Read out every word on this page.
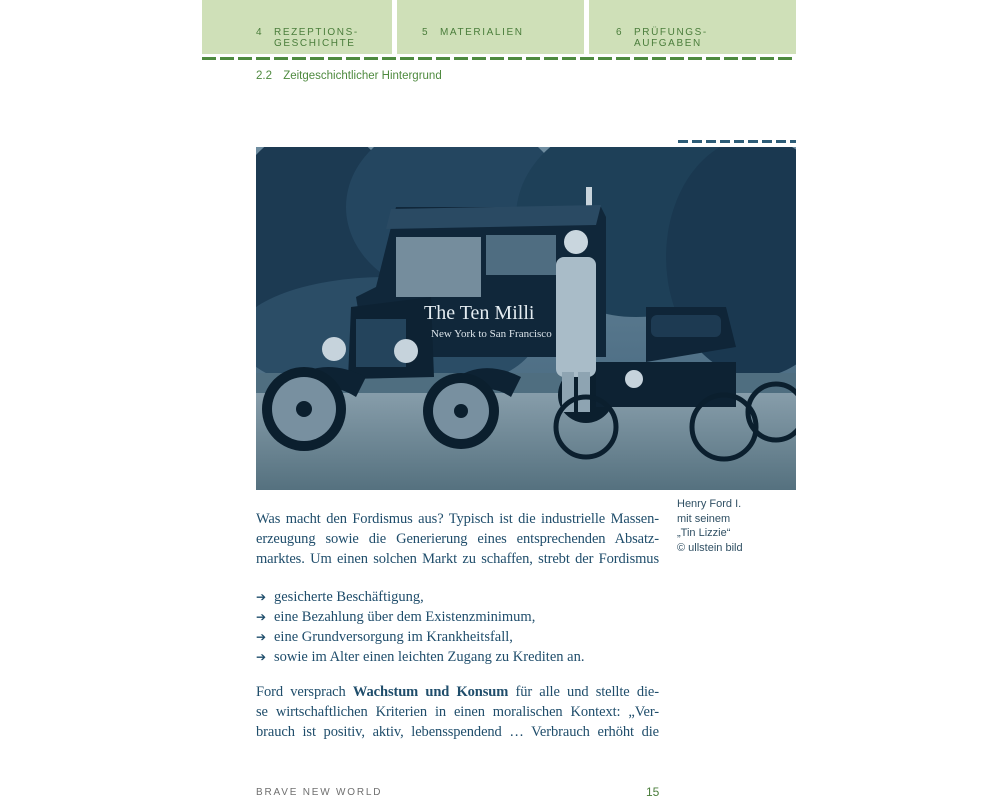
4 REZEPTIONS-
GESCHICHTE
5 MATERIALIEN	6 PRÜFUNGS-
AUFGABEN
2.2 Zeitgeschichtlicher Hintergrund
The Ten Milli
New York to San Francisco
Henry Ford I.
mit seinem
„Tin Lizzie“
© ullstein bild
Was macht den Fordismus aus? Typisch ist die industrielle Massen-
erzeugung sowie die Generierung eines entsprechenden Absatz-
marktes. Um einen solchen Markt zu schaffen, strebt der Fordismus
➔ gesicherte Beschäftigung,
➔ eine Bezahlung über dem Existenzminimum,
➔ eine Grundversorgung im Krankheitsfall,
➔ sowie im Alter einen leichten Zugang zu Krediten an.
Ford versprach Wachstum und Konsum für alle und stellte die-
se wirtschaftlichen Kriterien in einen moralischen Kontext: „Ver-
brauch ist positiv, aktiv, lebensspendend … Verbrauch erhöht die
BRAVE NEW WORLD	15
